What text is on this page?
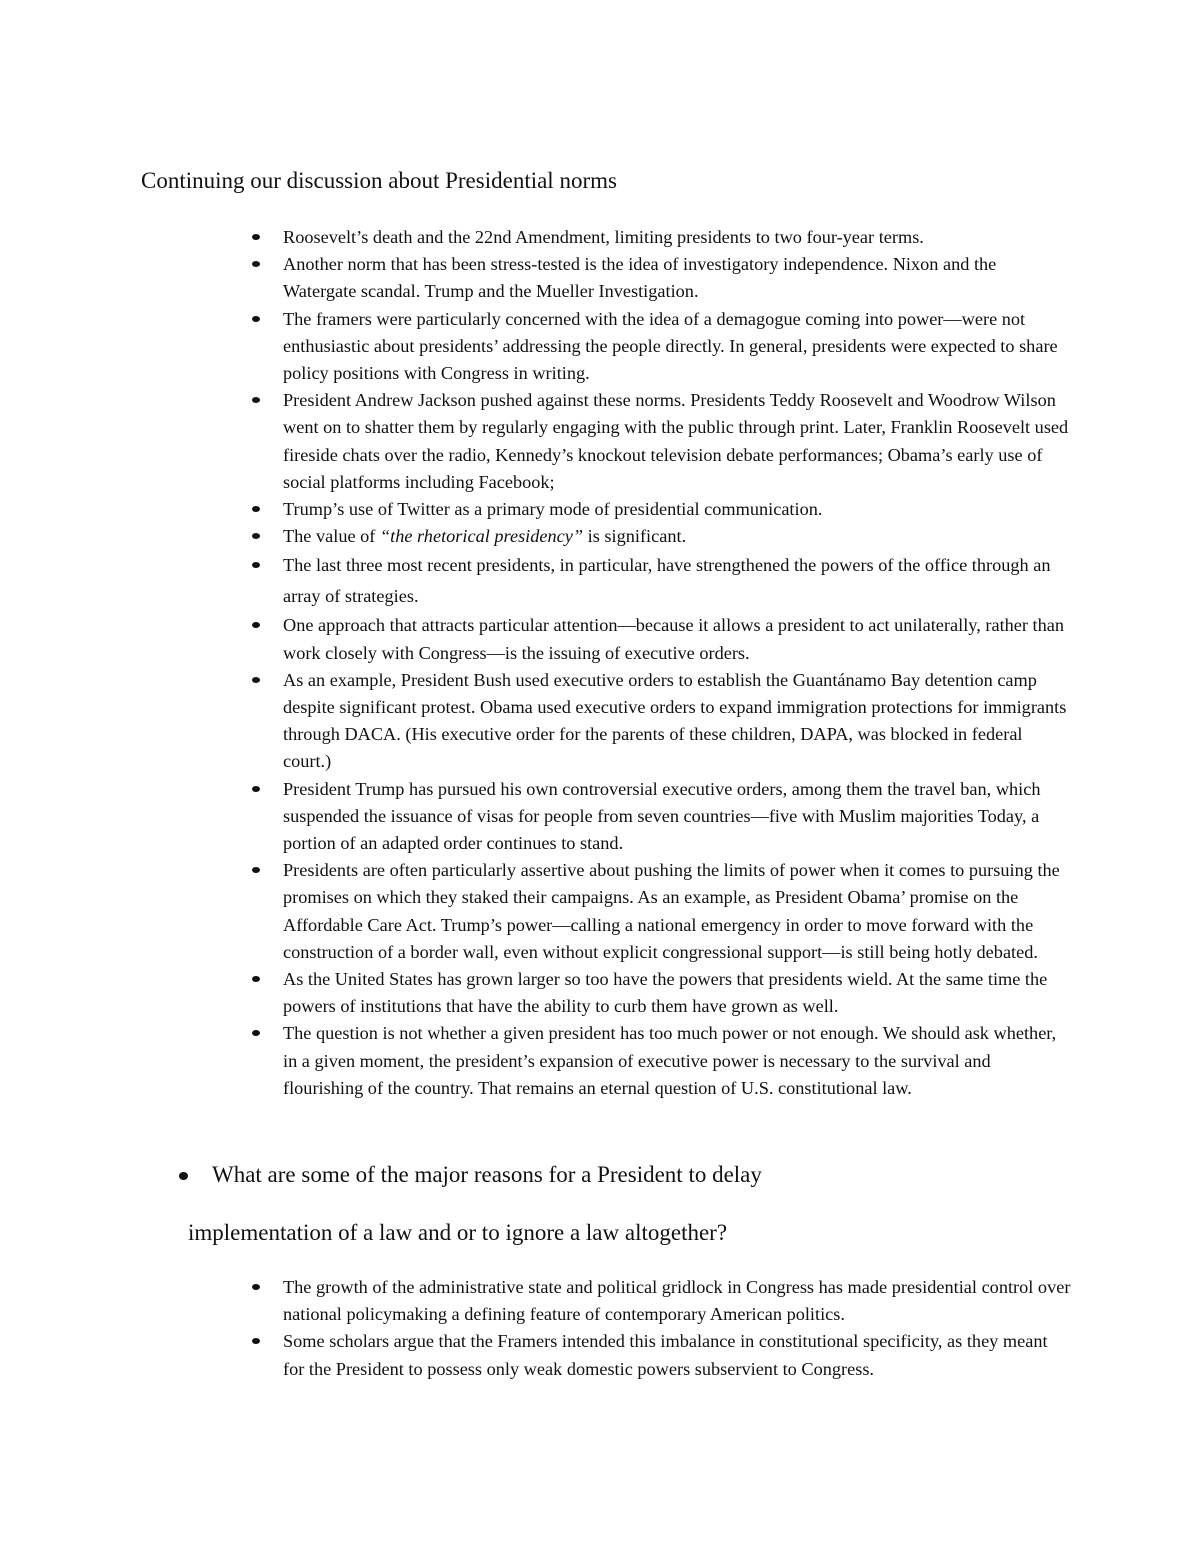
Continuing our discussion about Presidential norms
Roosevelt’s death and the 22nd Amendment, limiting presidents to two four-year terms.
Another norm that has been stress-tested is the idea of investigatory independence. Nixon and the Watergate scandal. Trump and the Mueller Investigation.
The framers were particularly concerned with the idea of a demagogue coming into power—were not enthusiastic about presidents’ addressing the people directly. In general, presidents were expected to share policy positions with Congress in writing.
President Andrew Jackson pushed against these norms. Presidents Teddy Roosevelt and Woodrow Wilson went on to shatter them by regularly engaging with the public through print. Later, Franklin Roosevelt used fireside chats over the radio, Kennedy’s knockout television debate performances; Obama’s early use of social platforms including Facebook;
Trump’s use of Twitter as a primary mode of presidential communication.
The value of “the rhetorical presidency” is significant.
The last three most recent presidents, in particular, have strengthened the powers of the office through an array of strategies.
One approach that attracts particular attention—because it allows a president to act unilaterally, rather than work closely with Congress—is the issuing of executive orders.
As an example, President Bush used executive orders to establish the Guantánamo Bay detention camp despite significant protest. Obama used executive orders to expand immigration protections for immigrants through DACA. (His executive order for the parents of these children, DAPA, was blocked in federal court.)
President Trump has pursued his own controversial executive orders, among them the travel ban, which suspended the issuance of visas for people from seven countries—five with Muslim majorities Today, a portion of an adapted order continues to stand.
Presidents are often particularly assertive about pushing the limits of power when it comes to pursuing the promises on which they staked their campaigns. As an example, as President Obama’ promise on the Affordable Care Act. Trump’s power—calling a national emergency in order to move forward with the construction of a border wall, even without explicit congressional support—is still being hotly debated.
As the United States has grown larger so too have the powers that presidents wield. At the same time the powers of institutions that have the ability to curb them have grown as well.
The question is not whether a given president has too much power or not enough. We should ask whether, in a given moment, the president’s expansion of executive power is necessary to the survival and flourishing of the country. That remains an eternal question of U.S. constitutional law.
What are some of the major reasons for a President to delay
implementation of a law and or to ignore a law altogether?
The growth of the administrative state and political gridlock in Congress has made presidential control over national policymaking a defining feature of contemporary American politics.
Some scholars argue that the Framers intended this imbalance in constitutional specificity, as they meant for the President to possess only weak domestic powers subservient to Congress.
